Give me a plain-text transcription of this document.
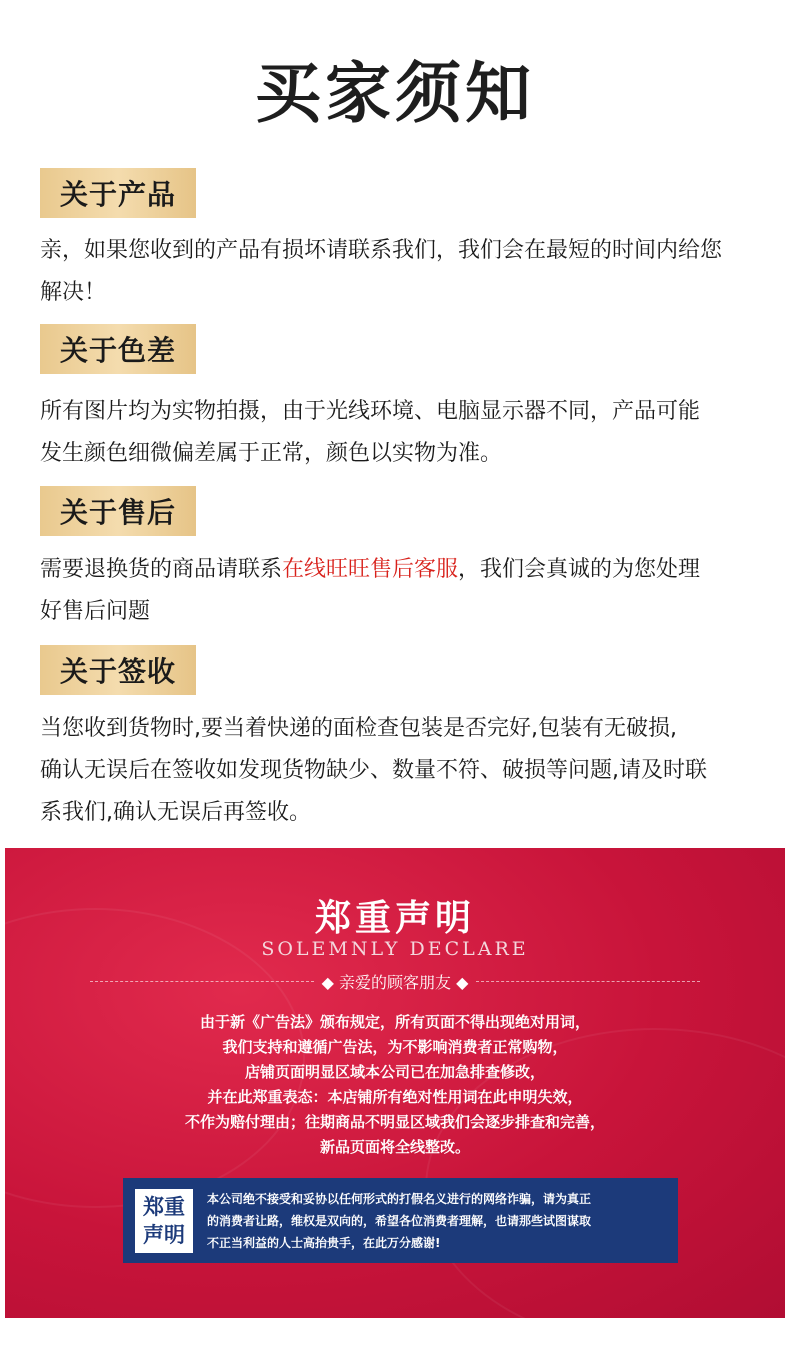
买家须知
关于产品
亲，如果您收到的产品有损坏请联系我们，我们会在最短的时间内给您
解决！
关于色差
所有图片均为实物拍摄，由于光线环境、电脑显示器不同，产品可能
发生颜色细微偏差属于正常，颜色以实物为准。
关于售后
需要退换货的商品请联系在线旺旺售后客服，我们会真诚的为您处理
好售后问题
关于签收
当您收到货物时,要当着快递的面检查包装是否完好,包装有无破损,
确认无误后在签收如发现货物缺少、数量不符、破损等问题,请及时联
系我们,确认无误后再签收。
郑重声明
SOLEMNLY DECLARE
◆ 亲爱的顾客朋友 ◆
由于新《广告法》颁布规定，所有页面不得出现绝对用词，
我们支持和遵循广告法，为不影响消费者正常购物，
店铺页面明显区域本公司已在加急排查修改，
并在此郑重表态：本店铺所有绝对性用词在此申明失效，
不作为赔付理由；往期商品不明显区域我们会逐步排查和完善，
新品页面将全线整改。
郑重
声明
本公司绝不接受和妥协以任何形式的打假名义进行的网络诈骗，请为真正
的消费者让路，维权是双向的，希望各位消费者理解，也请那些试图谋取
不正当利益的人士高抬贵手，在此万分感谢!
